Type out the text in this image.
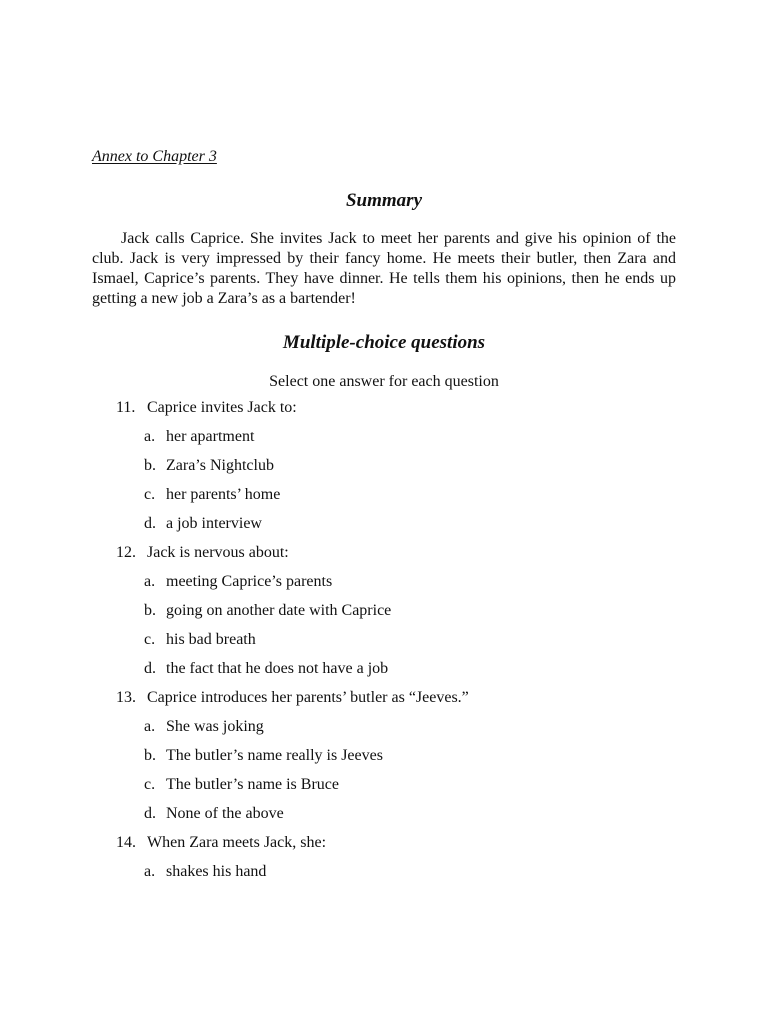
Annex to Chapter 3

Summary

Jack calls Caprice. She invites Jack to meet her parents and give his opinion of the club. Jack is very impressed by their fancy home. He meets their butler, then Zara and Ismael, Caprice’s parents. They have dinner. He tells them his opinions, then he ends up getting a new job a Zara’s as a bartender!

Multiple-choice questions

Select one answer for each question

11. Caprice invites Jack to:
a. her apartment
b. Zara’s Nightclub
c. her parents’ home
d. a job interview
12. Jack is nervous about:
a. meeting Caprice’s parents
b. going on another date with Caprice
c. his bad breath
d. the fact that he does not have a job
13. Caprice introduces her parents’ butler as “Jeeves.”
a. She was joking
b. The butler’s name really is Jeeves
c. The butler’s name is Bruce
d. None of the above
14. When Zara meets Jack, she:
a. shakes his hand
